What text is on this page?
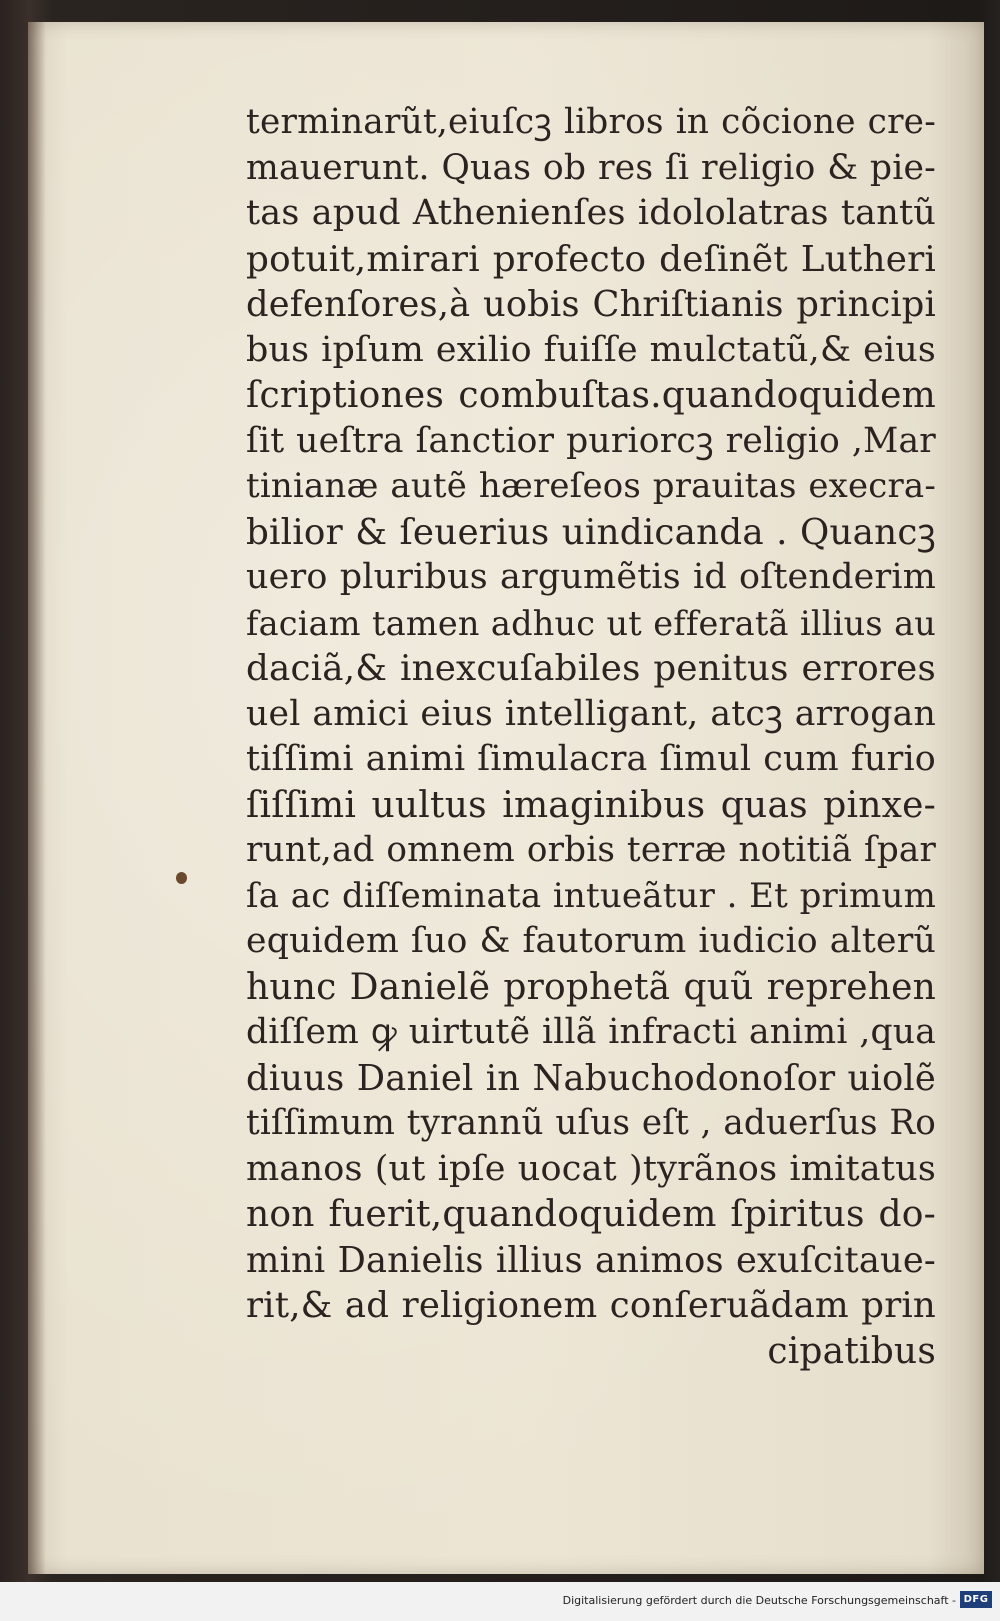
terminarũt,eiuſcꝫ libros in cõcione cre-
mauerunt. Quas ob res ſi religio & pie-
tas apud Athenienſes idololatras tantũ
potuit,mirari profecto deſinẽt Lutheri
defenſores,à uobis Chriſtianis principi
bus ipſum exilio fuiſſe mulctatũ,& eius
ſcriptiones combuſtas.quandoquidem
ſit ueſtra ſanctior puriorcꝫ religio ,Mar
tinianæ autẽ hæreſeos prauitas execra-
bilior & ſeuerius uindicanda . Quancꝫ
uero pluribus argumẽtis id oſtenderim
faciam tamen adhuc ut efferatã illius au
daciã,& inexcuſabiles penitus errores
uel amici eius intelligant, atcꝫ arrogan
tiſſimi animi ſimulacra ſimul cum furio
ſiſſimi uultus imaginibus quas pinxe-
runt,ad omnem orbis terræ notitiã ſpar
ſa ac diſſeminata intueãtur . Et primum
equidem ſuo & fautorum iudicio alterũ
hunc Danielẽ prophetã quũ reprehen
diſſem ꝙ uirtutẽ illã infracti animi ,qua
diuus Daniel in Nabuchodonoſor uiolẽ
tiſſimum tyrannũ uſus eſt , aduerſus Ro
manos (ut ipſe uocat )tyrãnos imitatus
non fuerit,quandoquidem ſpiritus do-
mini Danielis illius animos exuſcitaue-
rit,& ad religionem conſeruãdam prin
cipatibus
Digitalisierung gefördert durch die Deutsche Forschungsgemeinschaft - DFG
